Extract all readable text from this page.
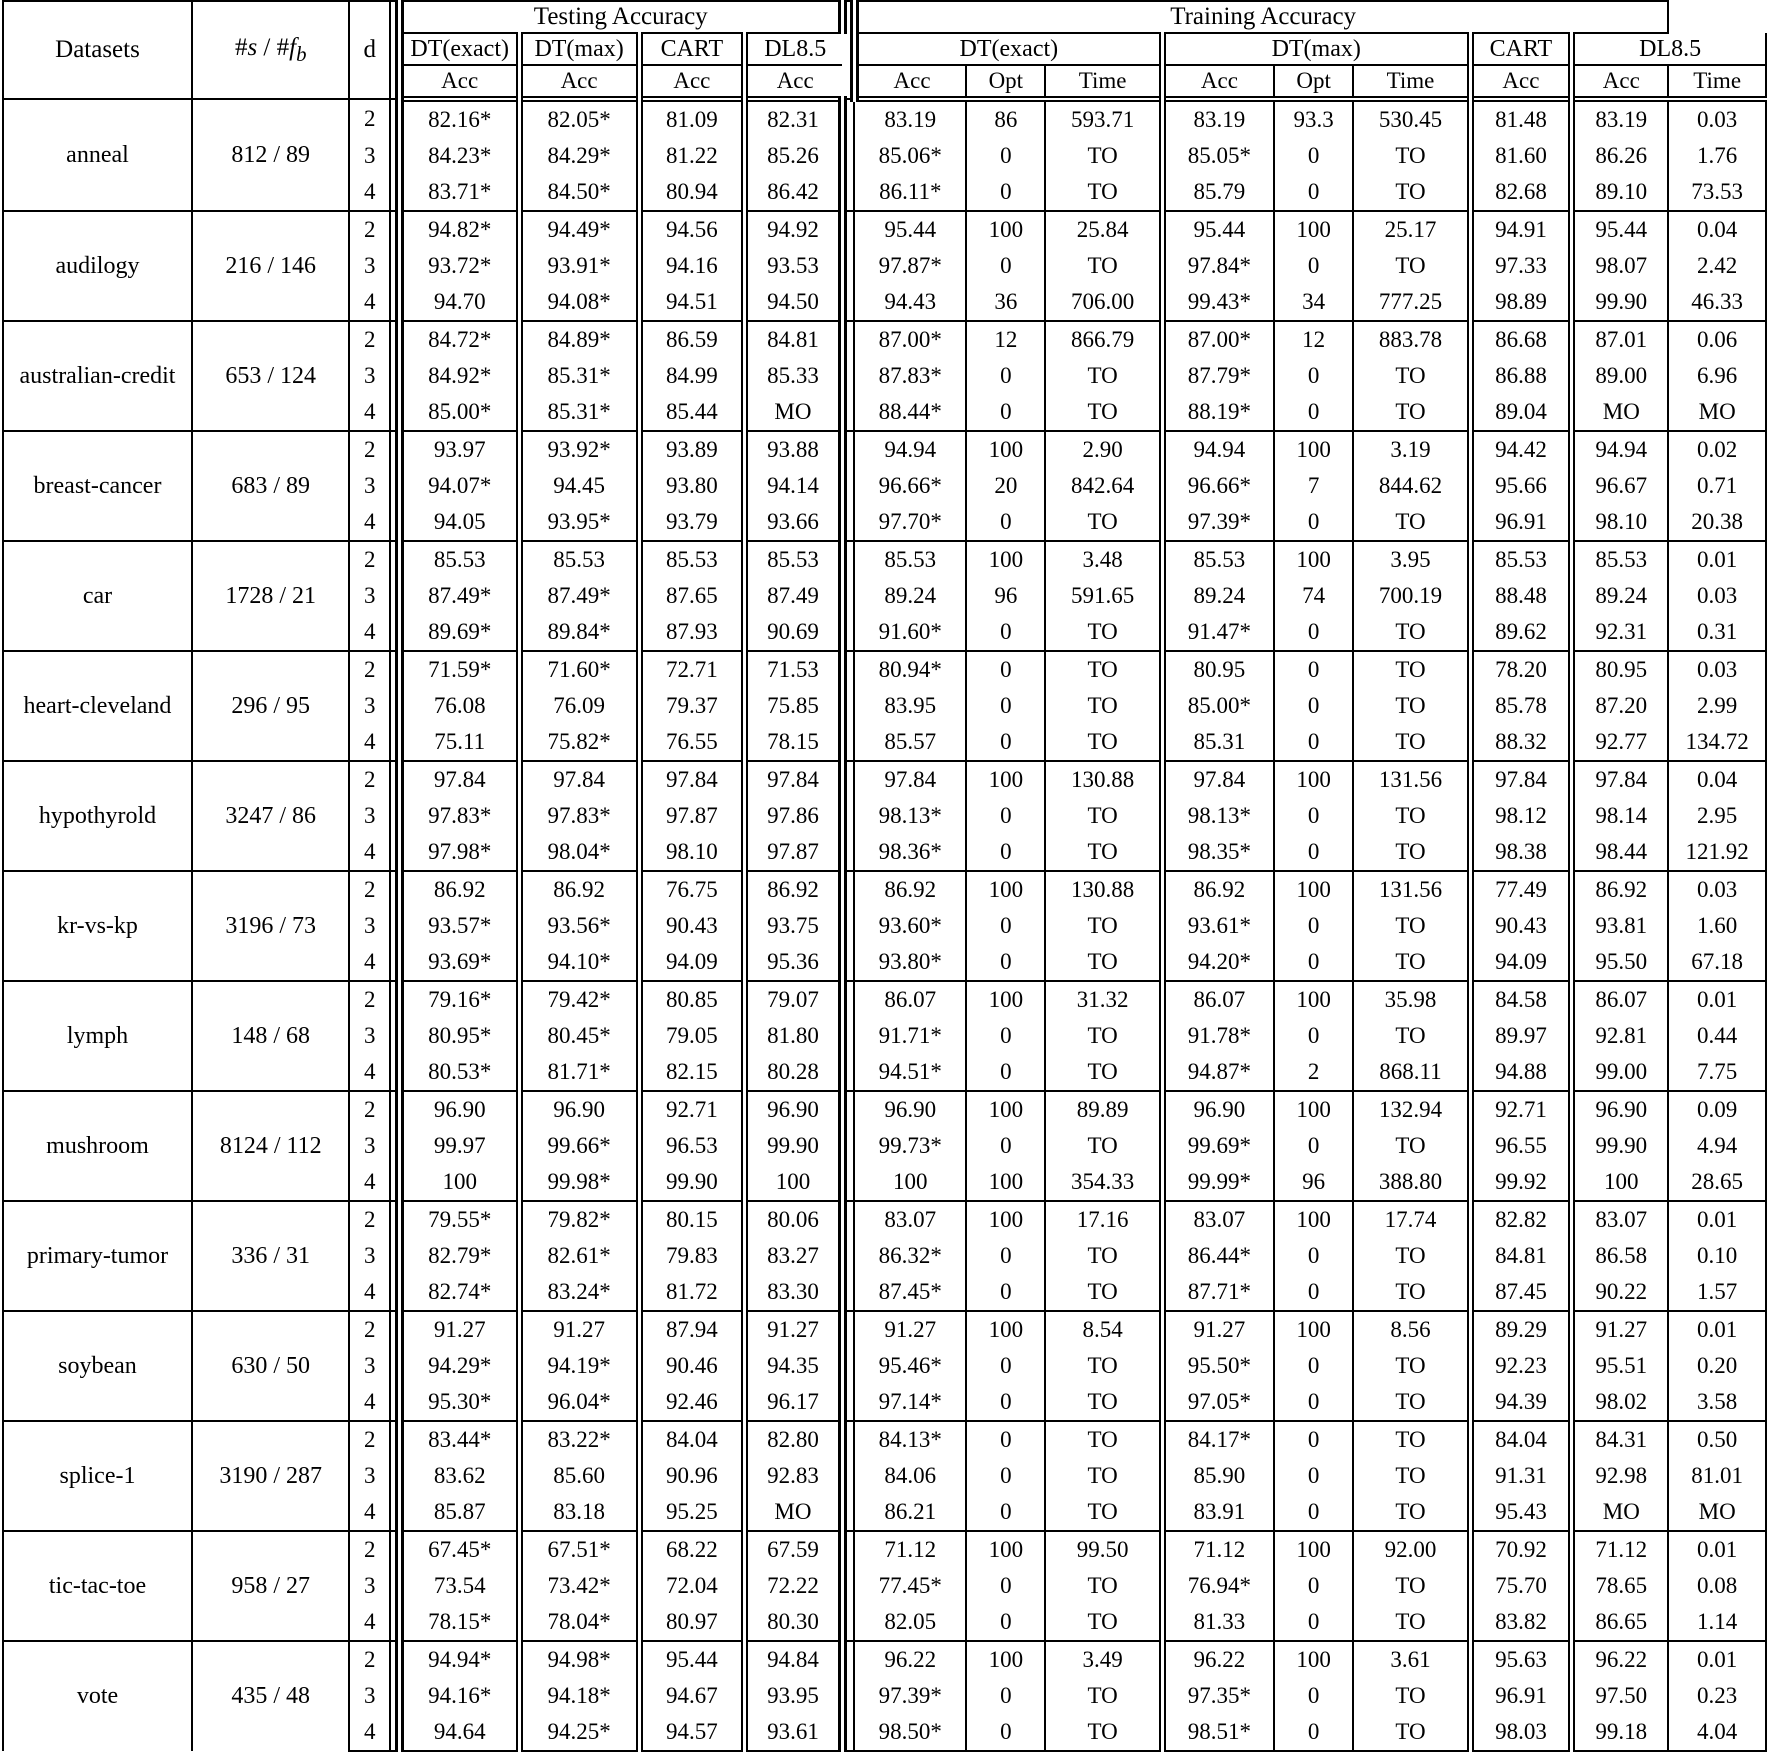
Datasets	#s / $\#f_b$	d		Testing Accuracy					Training Accuracy								
				DT(exact)	DT(max)	CART	DL8.5		DT(exact)			DT(max)			CART	DL8.5	
				Acc	Acc	Acc	Acc		Acc	Opt	Time	Acc	Opt	Time	Acc	Acc	Time
anneal	812 / 89	2		82.16*	82.05*	81.09	82.31		83.19	86	593.71	83.19	93.3	530.45	81.48	83.19	0.03
		3		84.23*	84.29*	81.22	85.26		85.06*	0	TO	85.05*	0	TO	81.60	86.26	1.76
		4		83.71*	84.50*	80.94	86.42		86.11*	0	TO	85.79	0	TO	82.68	89.10	73.53
audilogy	216 / 146	2		94.82*	94.49*	94.56	94.92		95.44	100	25.84	95.44	100	25.17	94.91	95.44	0.04
		3		93.72*	93.91*	94.16	93.53		97.87*	0	TO	97.84*	0	TO	97.33	98.07	2.42
		4		94.70	94.08*	94.51	94.50		94.43	36	706.00	99.43*	34	777.25	98.89	99.90	46.33
australian-credit	653 / 124	2		84.72*	84.89*	86.59	84.81		87.00*	12	866.79	87.00*	12	883.78	86.68	87.01	0.06
		3		84.92*	85.31*	84.99	85.33		87.83*	0	TO	87.79*	0	TO	86.88	89.00	6.96
		4		85.00*	85.31*	85.44	MO		88.44*	0	TO	88.19*	0	TO	89.04	MO	MO
breast-cancer	683 / 89	2		93.97	93.92*	93.89	93.88		94.94	100	2.90	94.94	100	3.19	94.42	94.94	0.02
		3		94.07*	94.45	93.80	94.14		96.66*	20	842.64	96.66*	7	844.62	95.66	96.67	0.71
		4		94.05	93.95*	93.79	93.66		97.70*	0	TO	97.39*	0	TO	96.91	98.10	20.38
car	1728 / 21	2		85.53	85.53	85.53	85.53		85.53	100	3.48	85.53	100	3.95	85.53	85.53	0.01
		3		87.49*	87.49*	87.65	87.49		89.24	96	591.65	89.24	74	700.19	88.48	89.24	0.03
		4		89.69*	89.84*	87.93	90.69		91.60*	0	TO	91.47*	0	TO	89.62	92.31	0.31
heart-cleveland	296 / 95	2		71.59*	71.60*	72.71	71.53		80.94*	0	TO	80.95	0	TO	78.20	80.95	0.03
		3		76.08	76.09	79.37	75.85		83.95	0	TO	85.00*	0	TO	85.78	87.20	2.99
		4		75.11	75.82*	76.55	78.15		85.57	0	TO	85.31	0	TO	88.32	92.77	134.72
hypothyrold	3247 / 86	2		97.84	97.84	97.84	97.84		97.84	100	130.88	97.84	100	131.56	97.84	97.84	0.04
		3		97.83*	97.83*	97.87	97.86		98.13*	0	TO	98.13*	0	TO	98.12	98.14	2.95
		4		97.98*	98.04*	98.10	97.87		98.36*	0	TO	98.35*	0	TO	98.38	98.44	121.92
kr-vs-kp	3196 / 73	2		86.92	86.92	76.75	86.92		86.92	100	130.88	86.92	100	131.56	77.49	86.92	0.03
		3		93.57*	93.56*	90.43	93.75		93.60*	0	TO	93.61*	0	TO	90.43	93.81	1.60
		4		93.69*	94.10*	94.09	95.36		93.80*	0	TO	94.20*	0	TO	94.09	95.50	67.18
lymph	148 / 68	2		79.16*	79.42*	80.85	79.07		86.07	100	31.32	86.07	100	35.98	84.58	86.07	0.01
		3		80.95*	80.45*	79.05	81.80		91.71*	0	TO	91.78*	0	TO	89.97	92.81	0.44
		4		80.53*	81.71*	82.15	80.28		94.51*	0	TO	94.87*	2	868.11	94.88	99.00	7.75
mushroom	8124 / 112	2		96.90	96.90	92.71	96.90		96.90	100	89.89	96.90	100	132.94	92.71	96.90	0.09
		3		99.97	99.66*	96.53	99.90		99.73*	0	TO	99.69*	0	TO	96.55	99.90	4.94
		4		100	99.98*	99.90	100		100	100	354.33	99.99*	96	388.80	99.92	100	28.65
primary-tumor	336 / 31	2		79.55*	79.82*	80.15	80.06		83.07	100	17.16	83.07	100	17.74	82.82	83.07	0.01
		3		82.79*	82.61*	79.83	83.27		86.32*	0	TO	86.44*	0	TO	84.81	86.58	0.10
		4		82.74*	83.24*	81.72	83.30		87.45*	0	TO	87.71*	0	TO	87.45	90.22	1.57
soybean	630 / 50	2		91.27	91.27	87.94	91.27		91.27	100	8.54	91.27	100	8.56	89.29	91.27	0.01
		3		94.29*	94.19*	90.46	94.35		95.46*	0	TO	95.50*	0	TO	92.23	95.51	0.20
		4		95.30*	96.04*	92.46	96.17		97.14*	0	TO	97.05*	0	TO	94.39	98.02	3.58
splice-1	3190 / 287	2		83.44*	83.22*	84.04	82.80		84.13*	0	TO	84.17*	0	TO	84.04	84.31	0.50
		3		83.62	85.60	90.96	92.83		84.06	0	TO	85.90	0	TO	91.31	92.98	81.01
		4		85.87	83.18	95.25	MO		86.21	0	TO	83.91	0	TO	95.43	MO	MO
tic-tac-toe	958 / 27	2		67.45*	67.51*	68.22	67.59		71.12	100	99.50	71.12	100	92.00	70.92	71.12	0.01
		3		73.54	73.42*	72.04	72.22		77.45*	0	TO	76.94*	0	TO	75.70	78.65	0.08
		4		78.15*	78.04*	80.97	80.30		82.05	0	TO	81.33	0	TO	83.82	86.65	1.14
vote	435 / 48	2		94.94*	94.98*	95.44	94.84		96.22	100	3.49	96.22	100	3.61	95.63	96.22	0.01
		3		94.16*	94.18*	94.67	93.95		97.39*	0	TO	97.35*	0	TO	96.91	97.50	0.23
		4		94.64	94.25*	94.57	93.61		98.50*	0	TO	98.51*	0	TO	98.03	99.18	4.04
